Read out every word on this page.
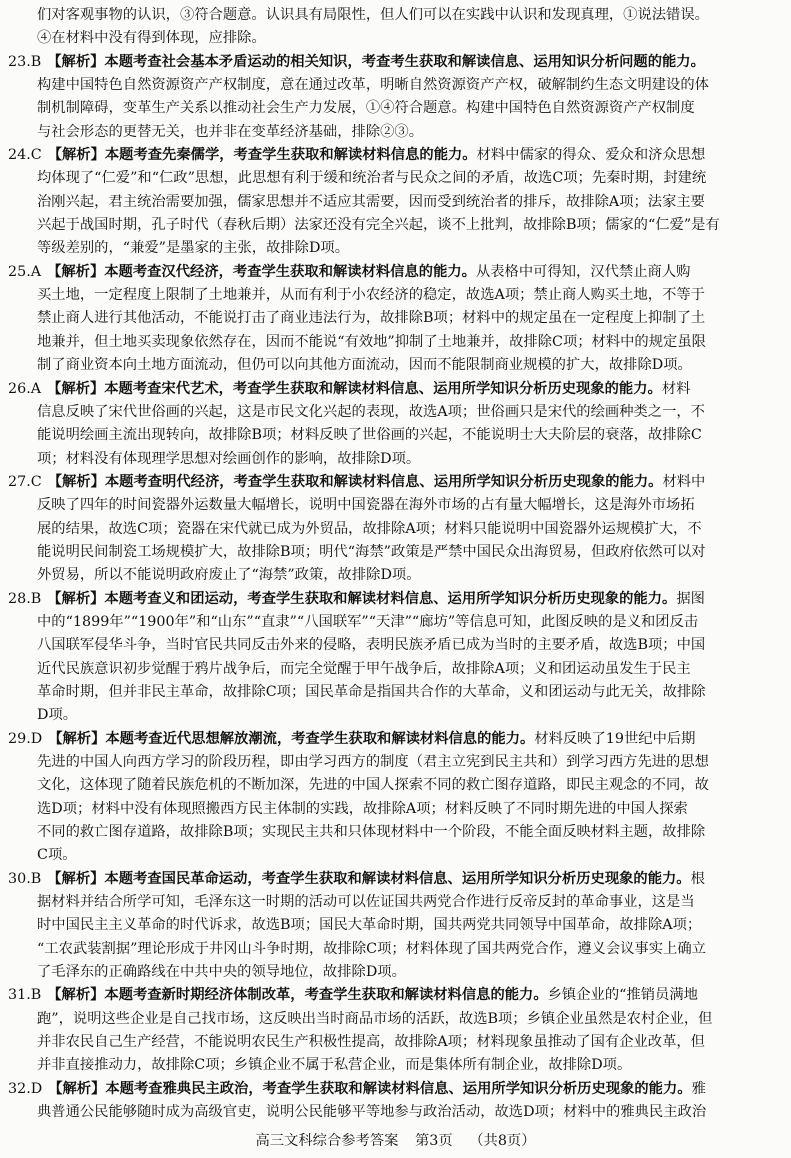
们对客观事物的认识，③符合题意。认识具有局限性，但人们可以在实践中认识和发现真理，①说法错误。
④在材料中没有得到体现，应排除。
23.B 【解析】本题考查社会基本矛盾运动的相关知识，考查考生获取和解读信息、运用知识分析问题的能力。
构建中国特色自然资源资产产权制度，意在通过改革，明晰自然资源资产产权，破解制约生态文明建设的体
制机制障碍，变革生产关系以推动社会生产力发展，①④符合题意。构建中国特色自然资源资产产权制度
与社会形态的更替无关，也并非在变革经济基础，排除②③。
24.C 【解析】本题考查先秦儒学，考查学生获取和解读材料信息的能力。材料中儒家的得众、爱众和济众思想
均体现了“仁爱”和“仁政”思想，此思想有利于缓和统治者与民众之间的矛盾，故选C项；先秦时期，封建统
治刚兴起，君主统治需要加强，儒家思想并不适应其需要，因而受到统治者的排斥，故排除A项；法家主要
兴起于战国时期，孔子时代（春秋后期）法家还没有完全兴起，谈不上批判，故排除B项；儒家的“仁爱”是有
等级差别的，“兼爱”是墨家的主张，故排除D项。
25.A 【解析】本题考查汉代经济，考查学生获取和解读材料信息的能力。从表格中可得知，汉代禁止商人购
买土地，一定程度上限制了土地兼并，从而有利于小农经济的稳定，故选A项；禁止商人购买土地，不等于
禁止商人进行其他活动，不能说打击了商业违法行为，故排除B项；材料中的规定虽在一定程度上抑制了土
地兼并，但土地买卖现象依然存在，因而不能说“有效地”抑制了土地兼并，故排除C项；材料中的规定虽限
制了商业资本向土地方面流动，但仍可以向其他方面流动，因而不能限制商业规模的扩大，故排除D项。
26.A 【解析】本题考查宋代艺术，考查学生获取和解读材料信息、运用所学知识分析历史现象的能力。材料
信息反映了宋代世俗画的兴起，这是市民文化兴起的表现，故选A项；世俗画只是宋代的绘画种类之一，不
能说明绘画主流出现转向，故排除B项；材料反映了世俗画的兴起，不能说明士大夫阶层的衰落，故排除C
项；材料没有体现理学思想对绘画创作的影响，故排除D项。
27.C 【解析】本题考查明代经济，考查学生获取和解读材料信息、运用所学知识分析历史现象的能力。材料中
反映了四年的时间瓷器外运数量大幅增长，说明中国瓷器在海外市场的占有量大幅增长，这是海外市场拓
展的结果，故选C项；瓷器在宋代就已成为外贸品，故排除A项；材料只能说明中国瓷器外运规模扩大，不
能说明民间制瓷工场规模扩大，故排除B项；明代“海禁”政策是严禁中国民众出海贸易，但政府依然可以对
外贸易，所以不能说明政府废止了“海禁”政策，故排除D项。
28.B 【解析】本题考查义和团运动，考查学生获取和解读材料信息、运用所学知识分析历史现象的能力。据图
中的“1899年”“1900年”和“山东”“直隶”“八国联军”“天津”“廊坊”等信息可知，此图反映的是义和团反击
八国联军侵华斗争，当时官民共同反击外来的侵略，表明民族矛盾已成为当时的主要矛盾，故选B项；中国
近代民族意识初步觉醒于鸦片战争后，而完全觉醒于甲午战争后，故排除A项；义和团运动虽发生于民主
革命时期，但并非民主革命，故排除C项；国民革命是指国共合作的大革命，义和团运动与此无关，故排除
D项。
29.D 【解析】本题考查近代思想解放潮流，考查学生获取和解读材料信息的能力。材料反映了19世纪中后期
先进的中国人向西方学习的阶段历程，即由学习西方的制度（君主立宪到民主共和）到学习西方先进的思想
文化，这体现了随着民族危机的不断加深，先进的中国人探索不同的救亡图存道路，即民主观念的不同，故
选D项；材料中没有体现照搬西方民主体制的实践，故排除A项；材料反映了不同时期先进的中国人探索
不同的救亡图存道路，故排除B项；实现民主共和只体现材料中一个阶段，不能全面反映材料主题，故排除
C项。
30.B 【解析】本题考查国民革命运动，考查学生获取和解读材料信息、运用所学知识分析历史现象的能力。根
据材料并结合所学可知，毛泽东这一时期的活动可以佐证国共两党合作进行反帝反封的革命事业，这是当
时中国民主主义革命的时代诉求，故选B项；国民大革命时期，国共两党共同领导中国革命，故排除A项；
“工农武装割据”理论形成于井冈山斗争时期，故排除C项；材料体现了国共两党合作，遵义会议事实上确立
了毛泽东的正确路线在中共中央的领导地位，故排除D项。
31.B 【解析】本题考查新时期经济体制改革，考查学生获取和解读材料信息的能力。乡镇企业的“推销员满地
跑”，说明这些企业是自己找市场，这反映出当时商品市场的活跃，故选B项；乡镇企业虽然是农村企业，但
并非农民自己生产经营，不能说明农民生产积极性提高，故排除A项；材料现象虽推动了国有企业改革，但
并非直接推动力，故排除C项；乡镇企业不属于私营企业，而是集体所有制企业，故排除D项。
32.D 【解析】本题考查雅典民主政治，考查学生获取和解读材料信息、运用所学知识分析历史现象的能力。雅
典普通公民能够随时成为高级官吏，说明公民能够平等地参与政治活动，故选D项；材料中的雅典民主政治
高三文科综合参考答案 第3页 （共8页）
